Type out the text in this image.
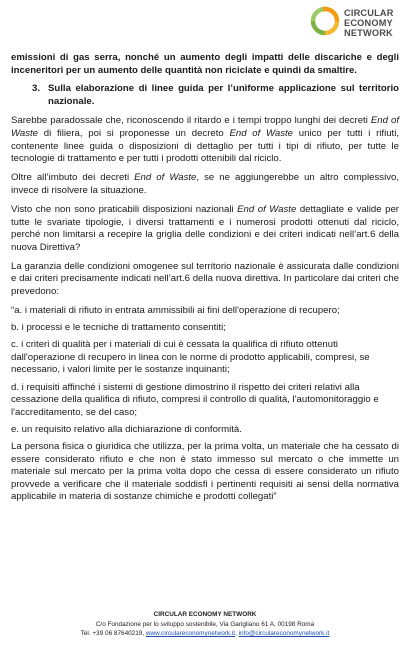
CIRCULAR
ECONOMY
NETWORK

emissioni di gas serra, nonché un aumento degli impatti delle discariche e degli inceneritori per un aumento delle quantità non riciclate e quindi da smaltire.

3. Sulla elaborazione di linee guida per l’uniforme applicazione sul territorio nazionale.

Sarebbe paradossale che, riconoscendo il ritardo e i tempi troppo lunghi dei decreti End of Waste di filiera, poi si proponesse un decreto End of Waste unico per tutti i rifiuti, contenente linee guida o disposizioni di dettaglio per tutti i tipi di rifiuto, per tutte le tecnologie di trattamento e per tutti i prodotti ottenibili dal riciclo.

Oltre all’imbuto dei decreti End of Waste, se ne aggiungerebbe un altro complessivo, invece di risolvere la situazione.

Visto che non sono praticabili disposizioni nazionali End of Waste dettagliate e valide per tutte le svariate tipologie, i diversi trattamenti e i numerosi prodotti ottenuti dal riciclo, perché non limitarsi a recepire la griglia delle condizioni e dei criteri indicati nell’art.6 della nuova Direttiva?

La garanzia delle condizioni omogenee sul territorio nazionale è assicurata dalle condizioni e dai criteri precisamente indicati nell’art.6 della nuova direttiva. In particolare dai criteri che prevedono:

“a. i materiali di rifiuto in entrata ammissibili ai fini dell'operazione di recupero;

b. i processi e le tecniche di trattamento consentiti;

c. i criteri di qualità per i materiali di cui è cessata la qualifica di rifiuto ottenuti dall'operazione di recupero in linea con le norme di prodotto applicabili, compresi, se necessario, i valori limite per le sostanze inquinanti;

d. i requisiti affinché i sistemi di gestione dimostrino il rispetto dei criteri relativi alla cessazione della qualifica di rifiuto, compresi il controllo di qualità, l'automonitoraggio e l'accreditamento, se del caso;

e. un requisito relativo alla dichiarazione di conformità.

La persona fisica o giuridica che utilizza, per la prima volta, un materiale che ha cessato di essere considerato rifiuto e che non è stato immesso sul mercato o che immette un materiale sul mercato per la prima volta dopo che cessa di essere considerato un rifiuto provvede a verificare che il materiale soddisfi i pertinenti requisiti ai sensi della normativa applicabile in materia di sostanze chimiche e prodotti collegati”

CIRCULAR ECONOMY NETWORK
C/o Fondazione per lo sviluppo sostenibile, Via Garigliano 61 A, 00198 Roma
Tel. +39 06 87640219, www.circulareconomynetwork.it, info@circulareconomynetwork.it
